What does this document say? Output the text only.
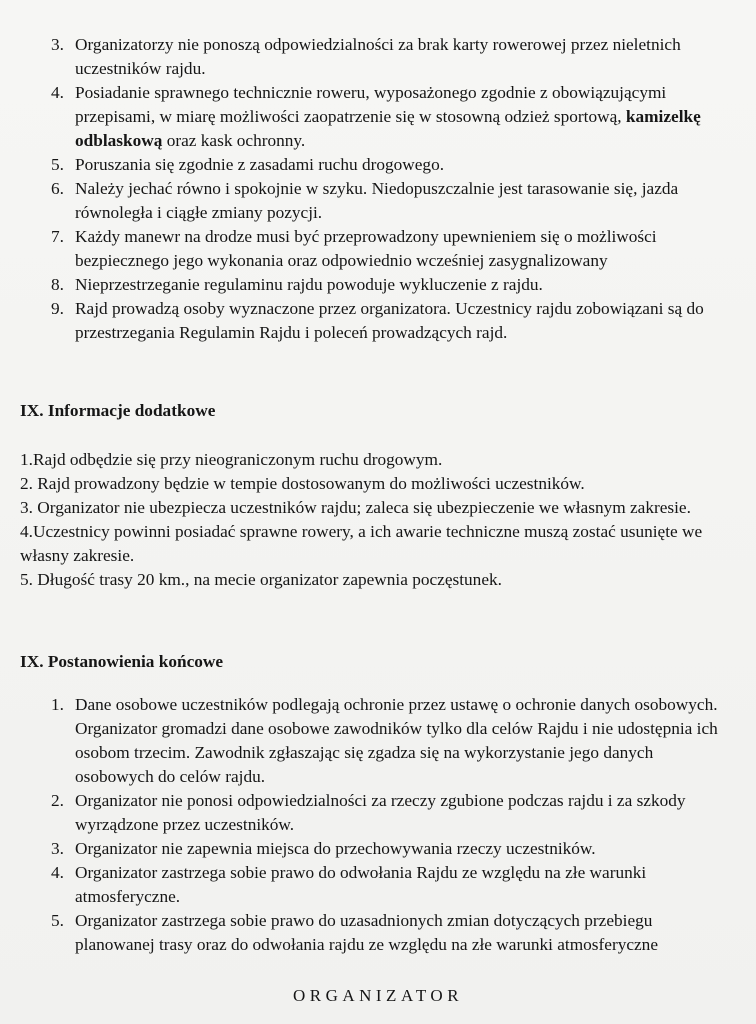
3. Organizatorzy nie ponoszą odpowiedzialności za brak karty rowerowej przez nieletnich uczestników rajdu.
4. Posiadanie sprawnego technicznie roweru, wyposażonego zgodnie z obowiązującymi przepisami, w miarę możliwości zaopatrzenie się w stosowną odzież sportową, kamizelkę odblaskową oraz kask ochronny.
5. Poruszania się zgodnie z zasadami ruchu drogowego.
6. Należy jechać równo i spokojnie w szyku. Niedopuszczalnie jest tarasowanie się, jazda równoległa i ciągłe zmiany pozycji.
7. Każdy manewr na drodze musi być przeprowadzony upewnieniem się o możliwości bezpiecznego jego wykonania oraz odpowiednio wcześniej zasygnalizowany
8. Nieprzestrzeganie regulaminu rajdu powoduje wykluczenie z rajdu.
9. Rajd prowadzą osoby wyznaczone przez organizatora. Uczestnicy rajdu zobowiązani są do przestrzegania Regulamin Rajdu i poleceń prowadzących rajd.
IX. Informacje dodatkowe
1.Rajd odbędzie się przy nieograniczonym ruchu drogowym.
2. Rajd prowadzony będzie w tempie dostosowanym do możliwości uczestników.
3. Organizator nie ubezpiecza uczestników rajdu; zaleca się ubezpieczenie we własnym zakresie.
4.Uczestnicy powinni posiadać sprawne rowery, a ich awarie techniczne muszą zostać usunięte we własny zakresie.
5. Długość trasy 20 km., na mecie organizator zapewnia poczęstunek.
IX. Postanowienia końcowe
1. Dane osobowe uczestników podlegają ochronie przez ustawę o ochronie danych osobowych. Organizator gromadzi dane osobowe zawodników tylko dla celów Rajdu i nie udostępnia ich osobom trzecim. Zawodnik zgłaszając się zgadza się na wykorzystanie jego danych osobowych do celów rajdu.
2. Organizator nie ponosi odpowiedzialności za rzeczy zgubione podczas rajdu i za szkody wyrządzone przez uczestników.
3. Organizator nie zapewnia miejsca do przechowywania rzeczy uczestników.
4. Organizator zastrzega sobie prawo do odwołania Rajdu ze względu na złe warunki atmosferyczne.
5. Organizator zastrzega sobie prawo do uzasadnionych zmian dotyczących przebiegu planowanej trasy oraz do odwołania rajdu ze względu na złe warunki atmosferyczne
ORGANIZATOR
